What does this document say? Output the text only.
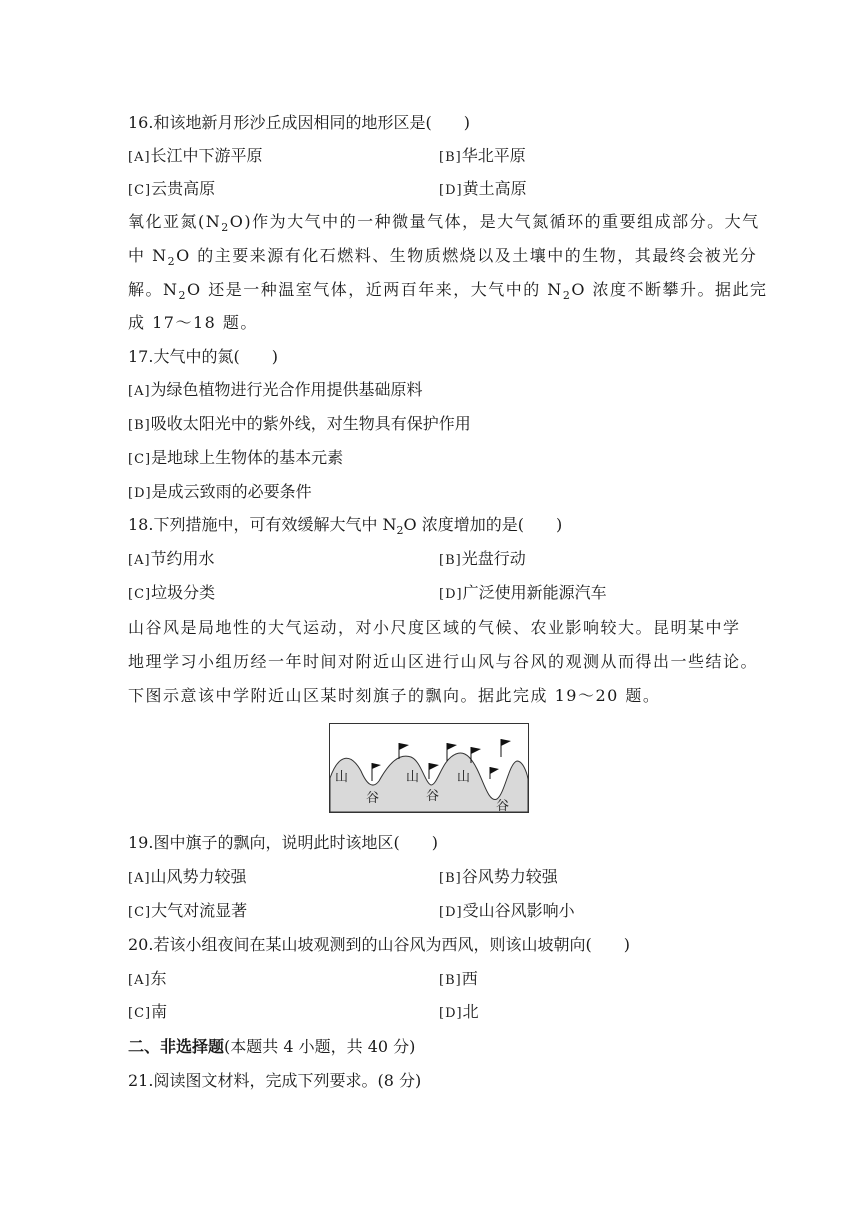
16.和该地新月形沙丘成因相同的地形区是(　　)
[A]长江中下游平原	[B]华北平原
[C]云贵高原	[D]黄土高原
氧化亚氮$(N_2O)$作为大气中的一种微量气体，是大气氮循环的重要组成部分。大气
中 $N_2O$ 的主要来源有化石燃料、生物质燃烧以及土壤中的生物，其最终会被光分
解。$N_2O$ 还是一种温室气体，近两百年来，大气中的 $N_2O$ 浓度不断攀升。据此完
成 17～18 题。
17.大气中的氮(　　)
[A]为绿色植物进行光合作用提供基础原料
[B]吸收太阳光中的紫外线，对生物具有保护作用
[C]是地球上生物体的基本元素
[D]是成云致雨的必要条件
18.下列措施中，可有效缓解大气中 $N_2O$ 浓度增加的是(　　)
[A]节约用水	[B]光盘行动
[C]垃圾分类	[D]广泛使用新能源汽车
山谷风是局地性的大气运动，对小尺度区域的气候、农业影响较大。昆明某中学
地理学习小组历经一年时间对附近山区进行山风与谷风的观测从而得出一些结论。
下图示意该中学附近山区某时刻旗子的飘向。据此完成 19～20 题。
山	山	山
谷	谷
谷
19.图中旗子的飘向，说明此时该地区(　　)
[A]山风势力较强	[B]谷风势力较强
[C]大气对流显著	[D]受山谷风影响小
20.若该小组夜间在某山坡观测到的山谷风为西风，则该山坡朝向(　　)
[A]东	[B]西
[C]南	[D]北
二、非选择题(本题共 4 小题，共 40 分)
21.阅读图文材料，完成下列要求。(8 分)
